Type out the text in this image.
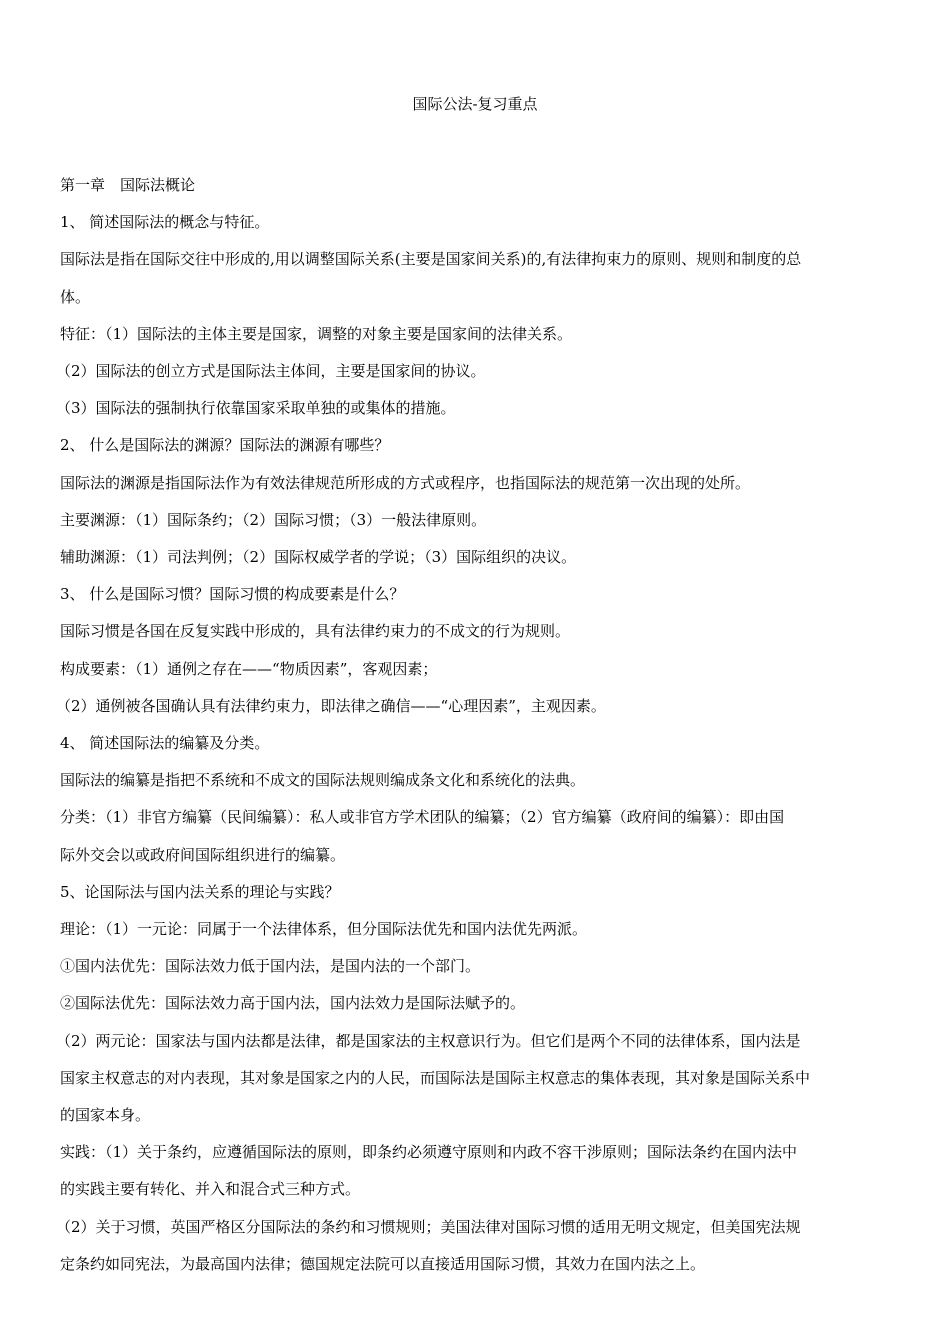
国际公法-复习重点

第一章　国际法概论

1、 简述国际法的概念与特征。

国际法是指在国际交往中形成的,用以调整国际关系(主要是国家间关系)的,有法律拘束力的原则、规则和制度的总

体。

特征：（1）国际法的主体主要是国家，调整的对象主要是国家间的法律关系。

（2）国际法的创立方式是国际法主体间，主要是国家间的协议。

（3）国际法的强制执行依靠国家采取单独的或集体的措施。

2、 什么是国际法的渊源？国际法的渊源有哪些？

国际法的渊源是指国际法作为有效法律规范所形成的方式或程序，也指国际法的规范第一次出现的处所。

主要渊源：（1）国际条约；（2）国际习惯；（3）一般法律原则。

辅助渊源：（1）司法判例；（2）国际权威学者的学说；（3）国际组织的决议。

3、 什么是国际习惯？国际习惯的构成要素是什么？

国际习惯是各国在反复实践中形成的，具有法律约束力的不成文的行为规则。

构成要素：（1）通例之存在——“物质因素”，客观因素；

（2）通例被各国确认具有法律约束力，即法律之确信——“心理因素”，主观因素。

4、 简述国际法的编纂及分类。

国际法的编纂是指把不系统和不成文的国际法规则编成条文化和系统化的法典。

分类：（1）非官方编纂（民间编纂）：私人或非官方学术团队的编纂；（2）官方编纂（政府间的编纂）：即由国

际外交会以或政府间国际组织进行的编纂。

5、论国际法与国内法关系的理论与实践？

理论：（1）一元论：同属于一个法律体系，但分国际法优先和国内法优先两派。

①国内法优先：国际法效力低于国内法，是国内法的一个部门。

②国际法优先：国际法效力高于国内法，国内法效力是国际法赋予的。

（2）两元论：国家法与国内法都是法律，都是国家法的主权意识行为。但它们是两个不同的法律体系，国内法是

国家主权意志的对内表现，其对象是国家之内的人民，而国际法是国际主权意志的集体表现，其对象是国际关系中

的国家本身。

实践：（1）关于条约，应遵循国际法的原则，即条约必须遵守原则和内政不容干涉原则；国际法条约在国内法中

的实践主要有转化、并入和混合式三种方式。

（2）关于习惯，英国严格区分国际法的条约和习惯规则；美国法律对国际习惯的适用无明文规定，但美国宪法规

定条约如同宪法，为最高国内法律；德国规定法院可以直接适用国际习惯，其效力在国内法之上。
